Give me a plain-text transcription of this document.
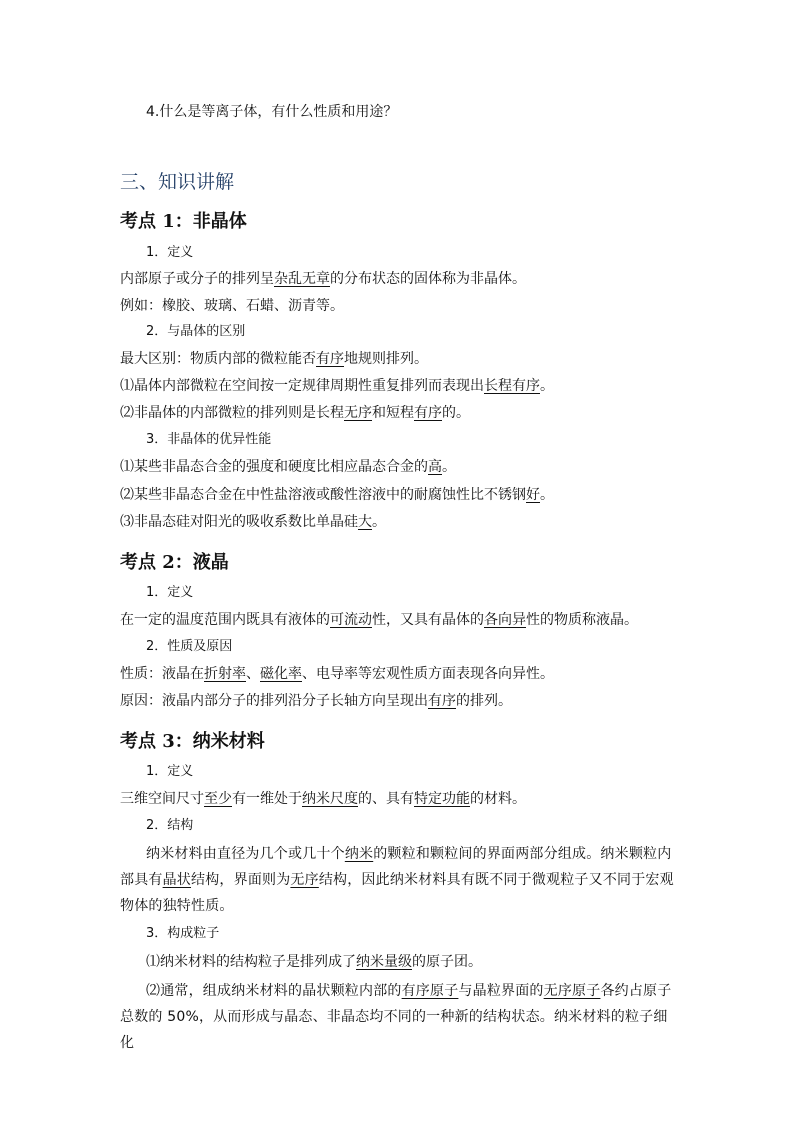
4.什么是等离子体，有什么性质和用途？
三、知识讲解
考点 1：非晶体
1．定义
内部原子或分子的排列呈杂乱无章的分布状态的固体称为非晶体。
例如：橡胶、玻璃、石蜡、沥青等。
2．与晶体的区别
最大区别：物质内部的微粒能否有序地规则排列。
⑴晶体内部微粒在空间按一定规律周期性重复排列而表现出长程有序。
⑵非晶体的内部微粒的排列则是长程无序和短程有序的。
3．非晶体的优异性能
⑴某些非晶态合金的强度和硬度比相应晶态合金的高。
⑵某些非晶态合金在中性盐溶液或酸性溶液中的耐腐蚀性比不锈钢好。
⑶非晶态硅对阳光的吸收系数比单晶硅大。
考点 2：液晶
1．定义
在一定的温度范围内既具有液体的可流动性，又具有晶体的各向异性的物质称液晶。
2．性质及原因
性质：液晶在折射率、磁化率、电导率等宏观性质方面表现各向异性。
原因：液晶内部分子的排列沿分子长轴方向呈现出有序的排列。
考点 3：纳米材料
1．定义
三维空间尺寸至少有一维处于纳米尺度的、具有特定功能的材料。
2．结构
纳米材料由直径为几个或几十个纳米的颗粒和颗粒间的界面两部分组成。纳米颗粒内部具有晶状结构，界面则为无序结构，因此纳米材料具有既不同于微观粒子又不同于宏观物体的独特性质。
3．构成粒子
⑴纳米材料的结构粒子是排列成了纳米量级的原子团。
⑵通常，组成纳米材料的晶状颗粒内部的有序原子与晶粒界面的无序原子各约占原子总数的 50%，从而形成与晶态、非晶态均不同的一种新的结构状态。纳米材料的粒子细化
